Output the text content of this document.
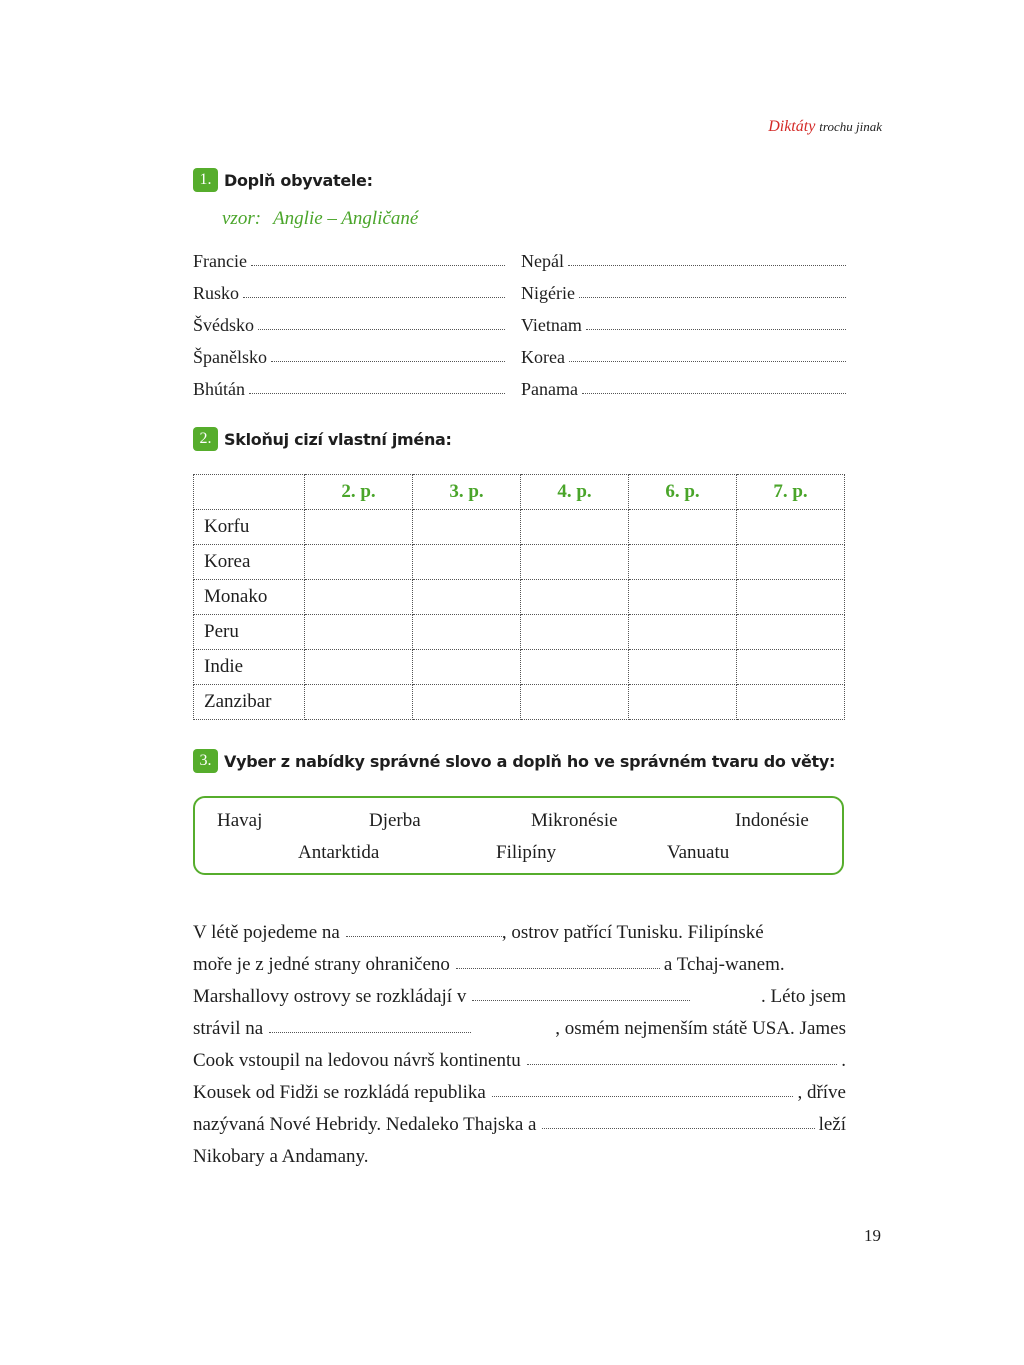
Diktáty trochu jinak
1. Doplň obyvatele:
vzor: Anglie – Angličané
Francie
Rusko
Švédsko
Španělsko
Bhútán
Nepál
Nigérie
Vietnam
Korea
Panama
2. Skloňuj cizí vlastní jména:
	2. p.	3. p.	4. p.	6. p.	7. p.
Korfu					
Korea					
Monako					
Peru					
Indie					
Zanzibar					
3. Vyber z nabídky správné slovo a doplň ho ve správném tvaru do věty:
Havaj	Djerba	Mikronésie	Indonésie
Antarktida	Filipíny	Vanuatu
V létě pojedeme na	, ostrov patřící Tunisku. Filipínské
moře je z jedné strany ohraničeno	a Tchaj-wanem.
Marshallovy ostrovy se rozkládají v	. Léto jsem
strávil na	, osmém nejmenším státě USA. James
Cook vstoupil na ledovou návrš kontinentu	.
Kousek od Fidži se rozkládá republika	, dříve
nazývaná Nové Hebridy. Nedaleko Thajska a	leží
Nikobary a Andamany.
19
